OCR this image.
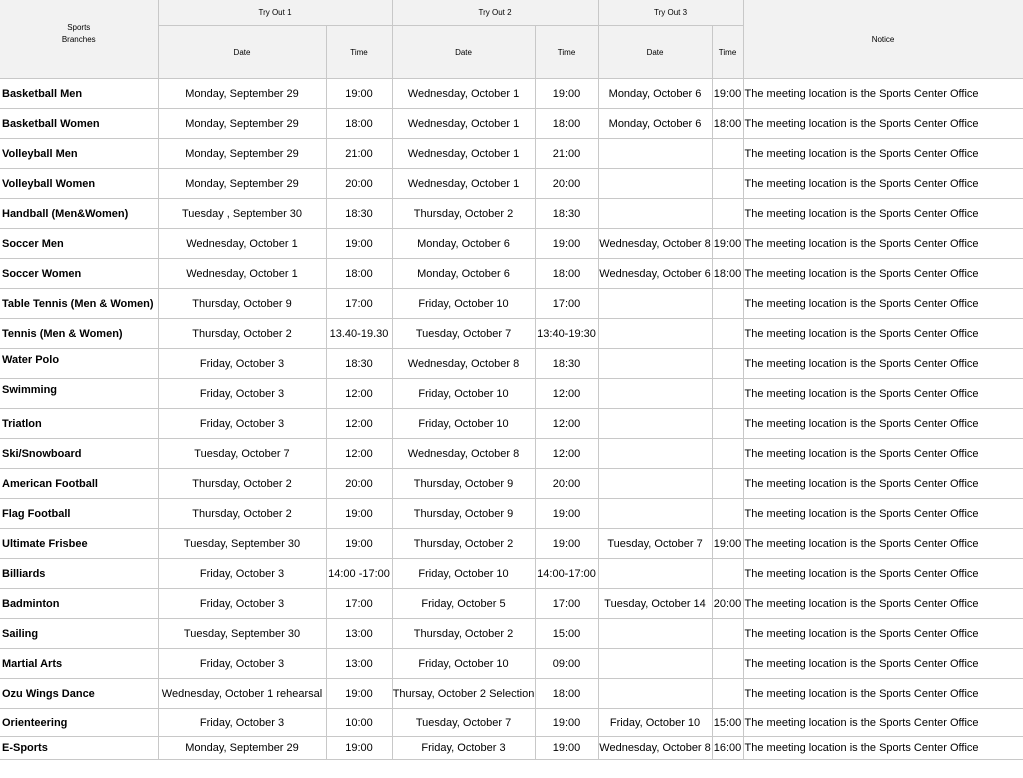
Sports
Branches	Try Out 1		Try Out 2		Try Out 3		Notice
	Date	Time	Date	Time	Date	Time	
Basketball Men	Monday, September 29	19:00	Wednesday, October 1	19:00	Monday, October 6	19:00	The meeting location is the Sports Center Office
Basketball Women	Monday, September 29	18:00	Wednesday, October 1	18:00	Monday, October 6	18:00	The meeting location is the Sports Center Office
Volleyball Men	Monday, September 29	21:00	Wednesday, October 1	21:00			The meeting location is the Sports Center Office
Volleyball Women	Monday, September 29	20:00	Wednesday, October 1	20:00			The meeting location is the Sports Center Office
Handball (Men&Women)	Tuesday , September 30	18:30	Thursday, October 2	18:30			The meeting location is the Sports Center Office
Soccer Men	Wednesday, October 1	19:00	Monday, October 6	19:00	Wednesday, October 8	19:00	The meeting location is the Sports Center Office
Soccer Women	Wednesday, October 1	18:00	Monday, October 6	18:00	Wednesday, October 6	18:00	The meeting location is the Sports Center Office
Table Tennis (Men & Women)	Thursday, October 9	17:00	Friday, October 10	17:00			The meeting location is the Sports Center Office
Tennis (Men & Women)	Thursday, October 2	13.40-19.30	Tuesday, October 7	13:40-19:30			The meeting location is the Sports Center Office
Water Polo	Friday, October 3	18:30	Wednesday, October 8	18:30			The meeting location is the Sports Center Office
Swimming	Friday, October 3	12:00	Friday, October 10	12:00			The meeting location is the Sports Center Office
Triatlon	Friday, October 3	12:00	Friday, October 10	12:00			The meeting location is the Sports Center Office
Ski/Snowboard	Tuesday, October 7	12:00	Wednesday, October 8	12:00			The meeting location is the Sports Center Office
American Football	Thursday, October 2	20:00	Thursday, October 9	20:00			The meeting location is the Sports Center Office
Flag Football	Thursday, October 2	19:00	Thursday, October 9	19:00			The meeting location is the Sports Center Office
Ultimate Frisbee	Tuesday, September 30	19:00	Thursday, October 2	19:00	Tuesday, October 7	19:00	The meeting location is the Sports Center Office
Billiards	Friday, October 3	14:00 -17:00	Friday, October 10	14:00-17:00			The meeting location is the Sports Center Office
Badminton	Friday, October 3	17:00	Friday, October 5	17:00	Tuesday, October 14	20:00	The meeting location is the Sports Center Office
Sailing	Tuesday, September 30	13:00	Thursday, October 2	15:00			The meeting location is the Sports Center Office
Martial Arts	Friday, October 3	13:00	Friday, October 10	09:00			The meeting location is the Sports Center Office
Ozu Wings Dance	Wednesday, October 1 rehearsal	19:00	Thursay, October 2 Selection	18:00			The meeting location is the Sports Center Office
Orienteering	Friday, October 3	10:00	Tuesday, October 7	19:00	Friday, October 10	15:00	The meeting location is the Sports Center Office
E-Sports	Monday, September 29	19:00	Friday, October 3	19:00	Wednesday, October 8	16:00	The meeting location is the Sports Center Office
